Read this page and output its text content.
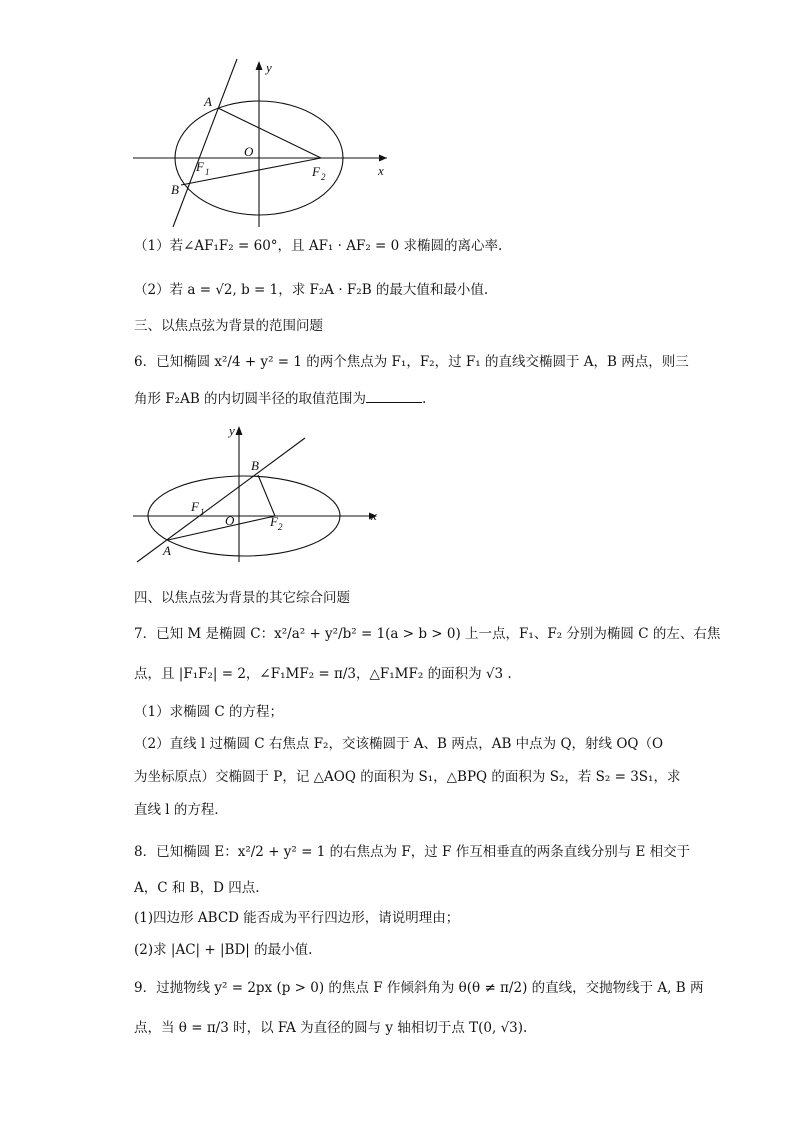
y
x
A
O
F 1	F 2
B
（1）若∠AF₁F₂ = 60°，且 AF₁ · AF₂ = 0 求椭圆的离心率.
（2）若 a = √2, b = 1，求 F₂A · F₂B 的最大值和最小值.
三、以焦点弦为背景的范围问题
6．已知椭圆 x²/4 + y² = 1 的两个焦点为 F₁，F₂，过 F₁ 的直线交椭圆于 A，B 两点，则三
角形 F₂AB 的内切圆半径的取值范围为	.
y
x
B
F 1
O	F 2
A
四、以焦点弦为背景的其它综合问题
7．已知 M 是椭圆 C：x²/a² + y²/b² = 1(a > b > 0) 上一点，F₁、F₂ 分别为椭圆 C 的左、右焦
点，且 |F₁F₂| = 2，∠F₁MF₂ = π/3，△F₁MF₂ 的面积为 √3 .
（1）求椭圆 C 的方程；
（2）直线 l 过椭圆 C 右焦点 F₂，交该椭圆于 A、B 两点，AB 中点为 Q，射线 OQ（O
为坐标原点）交椭圆于 P，记 △AOQ 的面积为 S₁，△BPQ 的面积为 S₂，若 S₂ = 3S₁，求
直线 l 的方程．
8．已知椭圆 E：x²/2 + y² = 1 的右焦点为 F，过 F 作互相垂直的两条直线分别与 E 相交于
A，C 和 B，D 四点.
(1)四边形 ABCD 能否成为平行四边形，请说明理由；
(2)求 |AC| + |BD| 的最小值.
9．过抛物线 y² = 2px (p > 0) 的焦点 F 作倾斜角为 θ(θ ≠ π/2) 的直线，交抛物线于 A, B 两
点，当 θ = π/3 时，以 FA 为直径的圆与 y 轴相切于点 T(0, √3).
